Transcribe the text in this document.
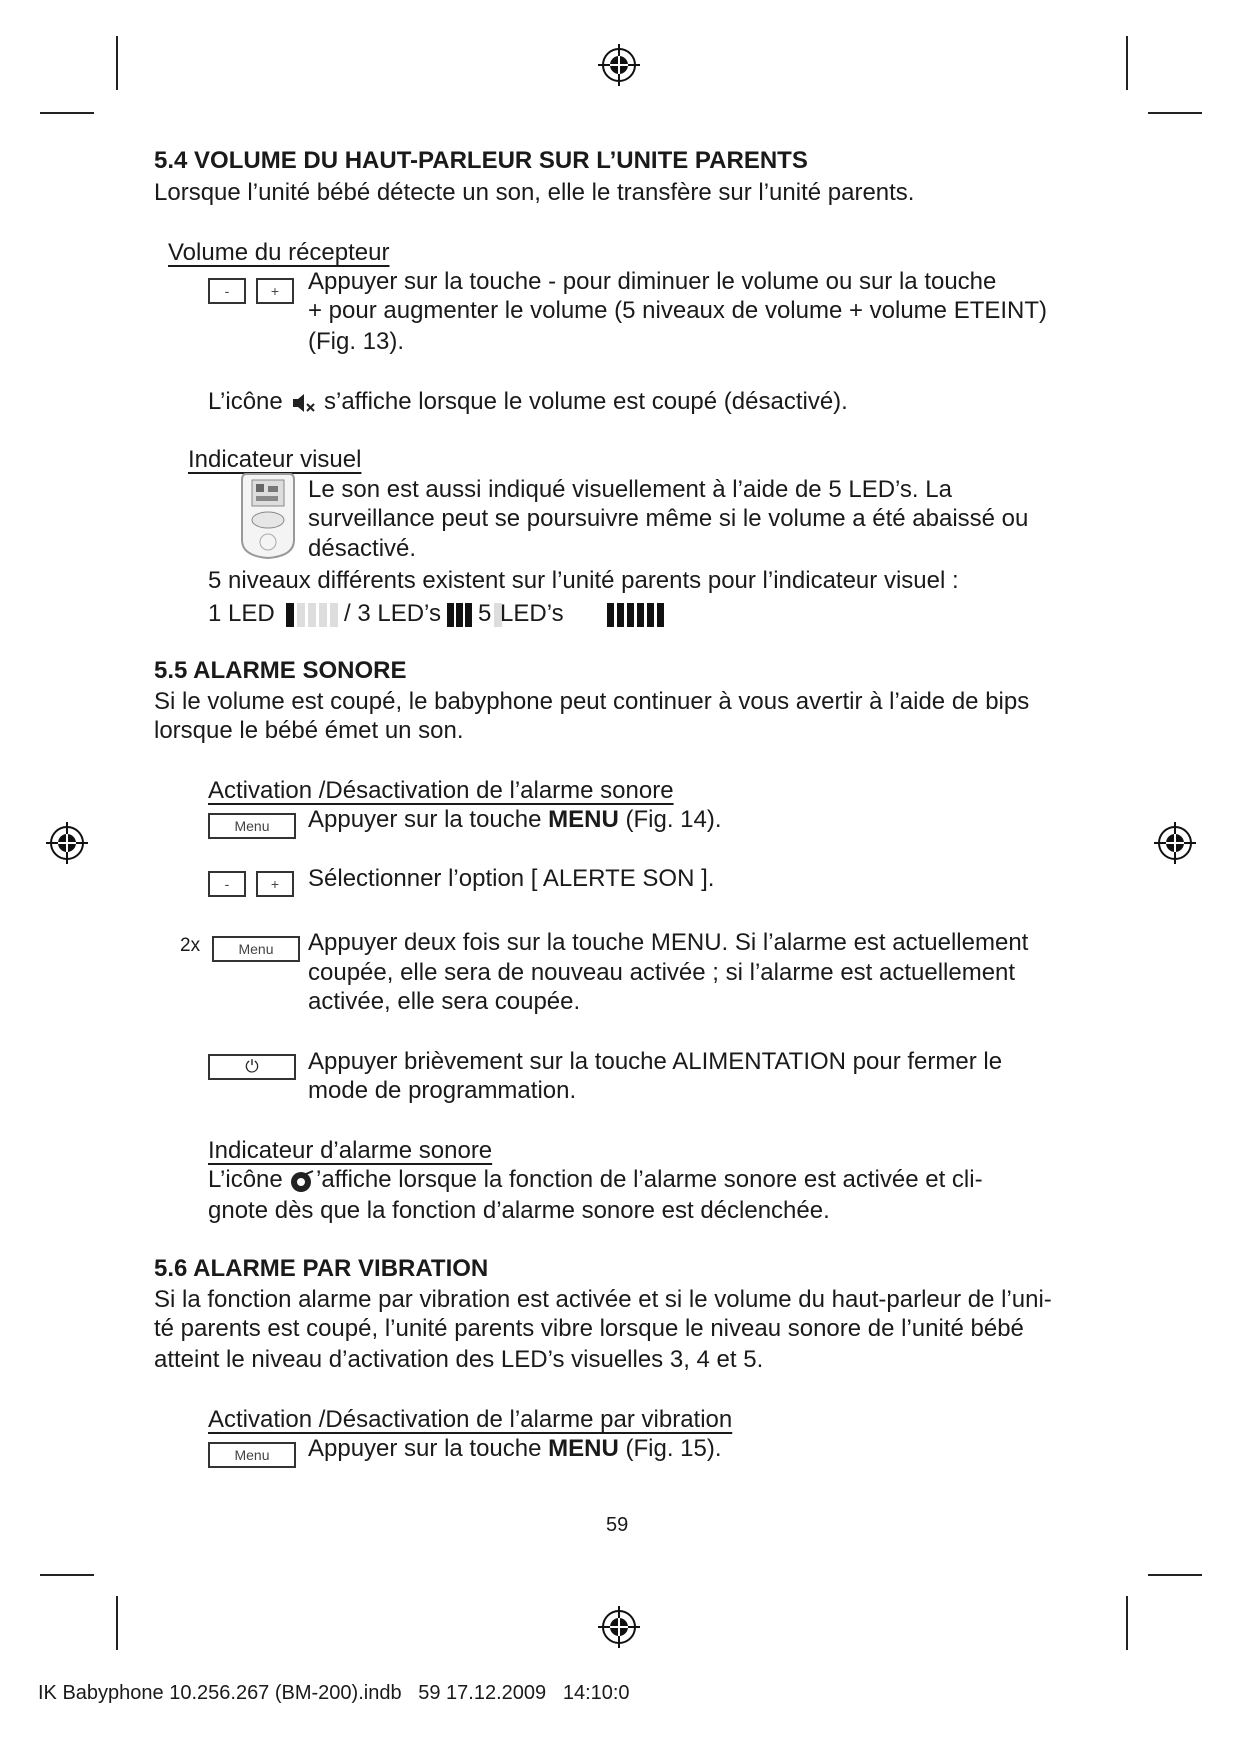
5.4 VOLUME DU HAUT-PARLEUR SUR L’UNITE PARENTS
Lorsque l’unité bébé détecte un son, elle le transfère sur l’unité parents.
Volume du récepteur
-	+	Appuyer sur la touche - pour diminuer le volume ou sur la touche
+ pour augmenter le volume (5 niveaux de volume + volume ETEINT)
(Fig. 13).
L’icône s’affiche lorsque le volume est coupé (désactivé).
Indicateur visuel
Le son est aussi indiqué visuellement à l’aide de 5 LED’s. La
surveillance peut se poursuivre même si le volume a été abaissé ou
désactivé.
5 niveaux différents existent sur l’unité parents pour l’indicateur visuel :
1 LED	/ 3 LED’s 5 LED’s
5.5 ALARME SONORE
Si le volume est coupé, le babyphone peut continuer à vous avertir à l’aide de bips
lorsque le bébé émet un son.
Activation /Désactivation de l’alarme sonore
Menu	Appuyer sur la touche MENU (Fig. 14).
-	+	Sélectionner l’option [ ALERTE SON ].
2x	Menu	Appuyer deux fois sur la touche MENU. Si l’alarme est actuellement
coupée, elle sera de nouveau activée ; si l’alarme est actuellement
activée, elle sera coupée.
⏻	Appuyer brièvement sur la touche ALIMENTATION pour fermer le
mode de programmation.
Indicateur d’alarme sonore
L’icône ’affiche lorsque la fonction de l’alarme sonore est activée et cli-
gnote dès que la fonction d’alarme sonore est déclenchée.
5.6 ALARME PAR VIBRATION
Si la fonction alarme par vibration est activée et si le volume du haut-parleur de l’uni-
té parents est coupé, l’unité parents vibre lorsque le niveau sonore de l’unité bébé
atteint le niveau d’activation des LED’s visuelles 3, 4 et 5.
Activation /Désactivation de l’alarme par vibration
Menu	Appuyer sur la touche MENU (Fig. 15).
59
IK Babyphone 10.256.267 (BM-200).indb   59 17.12.2009   14:10:0
